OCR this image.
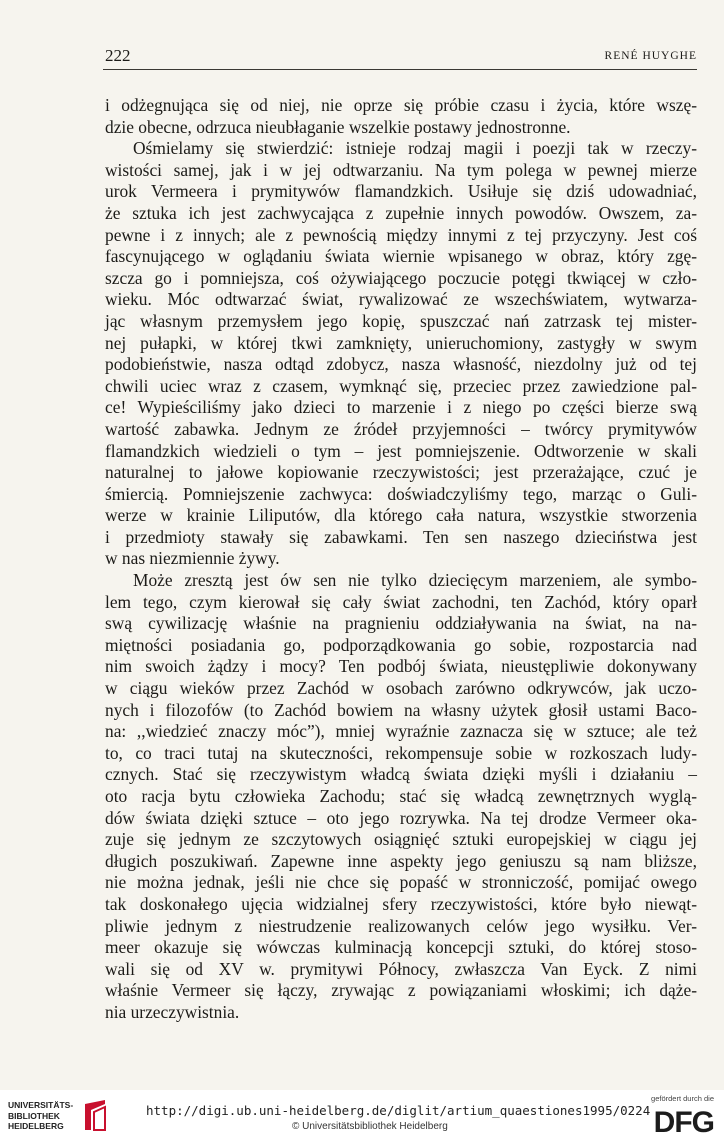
222	RENÉ HUYGHE
i odżegnująca się od niej, nie oprze się próbie czasu i życia, które wszę-
dzie obecne, odrzuca nieubłaganie wszelkie postawy jednostronne.
Ośmielamy się stwierdzić: istnieje rodzaj magii i poezji tak w rzeczy-
wistości samej, jak i w jej odtwarzaniu. Na tym polega w pewnej mierze
urok Vermeera i prymitywów flamandzkich. Usiłuje się dziś udowadniać,
że sztuka ich jest zachwycająca z zupełnie innych powodów. Owszem, za-
pewne i z innych; ale z pewnością między innymi z tej przyczyny. Jest coś
fascynującego w oglądaniu świata wiernie wpisanego w obraz, który zgę-
szcza go i pomniejsza, coś ożywiającego poczucie potęgi tkwiącej w czło-
wieku. Móc odtwarzać świat, rywalizować ze wszechświatem, wytwarza-
jąc własnym przemysłem jego kopię, spuszczać nań zatrzask tej mister-
nej pułapki, w której tkwi zamknięty, unieruchomiony, zastygły w swym
podobieństwie, nasza odtąd zdobycz, nasza własność, niezdolny już od tej
chwili uciec wraz z czasem, wymknąć się, przeciec przez zawiedzione pal-
ce! Wypieściliśmy jako dzieci to marzenie i z niego po części bierze swą
wartość zabawka. Jednym ze źródeł przyjemności – twórcy prymitywów
flamandzkich wiedzieli o tym – jest pomniejszenie. Odtworzenie w skali
naturalnej to jałowe kopiowanie rzeczywistości; jest przerażające, czuć je
śmiercią. Pomniejszenie zachwyca: doświadczyliśmy tego, marząc o Guli-
werze w krainie Liliputów, dla którego cała natura, wszystkie stworzenia
i przedmioty stawały się zabawkami. Ten sen naszego dzieciństwa jest
w nas niezmiennie żywy.
Może zresztą jest ów sen nie tylko dziecięcym marzeniem, ale symbo-
lem tego, czym kierował się cały świat zachodni, ten Zachód, który oparł
swą cywilizację właśnie na pragnieniu oddziaływania na świat, na na-
miętności posiadania go, podporządkowania go sobie, rozpostarcia nad
nim swoich żądzy i mocy? Ten podbój świata, nieustępliwie dokonywany
w ciągu wieków przez Zachód w osobach zarówno odkrywców, jak uczo-
nych i filozofów (to Zachód bowiem na własny użytek głosił ustami Baco-
na: ,,wiedzieć znaczy móc”), mniej wyraźnie zaznacza się w sztuce; ale też
to, co traci tutaj na skuteczności, rekompensuje sobie w rozkoszach ludy-
cznych. Stać się rzeczywistym władcą świata dzięki myśli i działaniu –
oto racja bytu człowieka Zachodu; stać się władcą zewnętrznych wyglą-
dów świata dzięki sztuce – oto jego rozrywka. Na tej drodze Vermeer oka-
zuje się jednym ze szczytowych osiągnięć sztuki europejskiej w ciągu jej
długich poszukiwań. Zapewne inne aspekty jego geniuszu są nam bliższe,
nie można jednak, jeśli nie chce się popaść w stronniczość, pomijać owego
tak doskonałego ujęcia widzialnej sfery rzeczywistości, które było niewąt-
pliwie jednym z niestrudzenie realizowanych celów jego wysiłku. Ver-
meer okazuje się wówczas kulminacją koncepcji sztuki, do której stoso-
wali się od XV w. prymitywi Północy, zwłaszcza Van Eyck. Z nimi
właśnie Vermeer się łączy, zrywając z powiązaniami włoskimi; ich dąże-
nia urzeczywistnia.
UNIVERSITÄTS-
BIBLIOTHEK
HEIDELBERG
http://digi.ub.uni-heidelberg.de/diglit/artium_quaestiones1995/0224
© Universitätsbibliothek Heidelberg
gefördert durch die
DFG
